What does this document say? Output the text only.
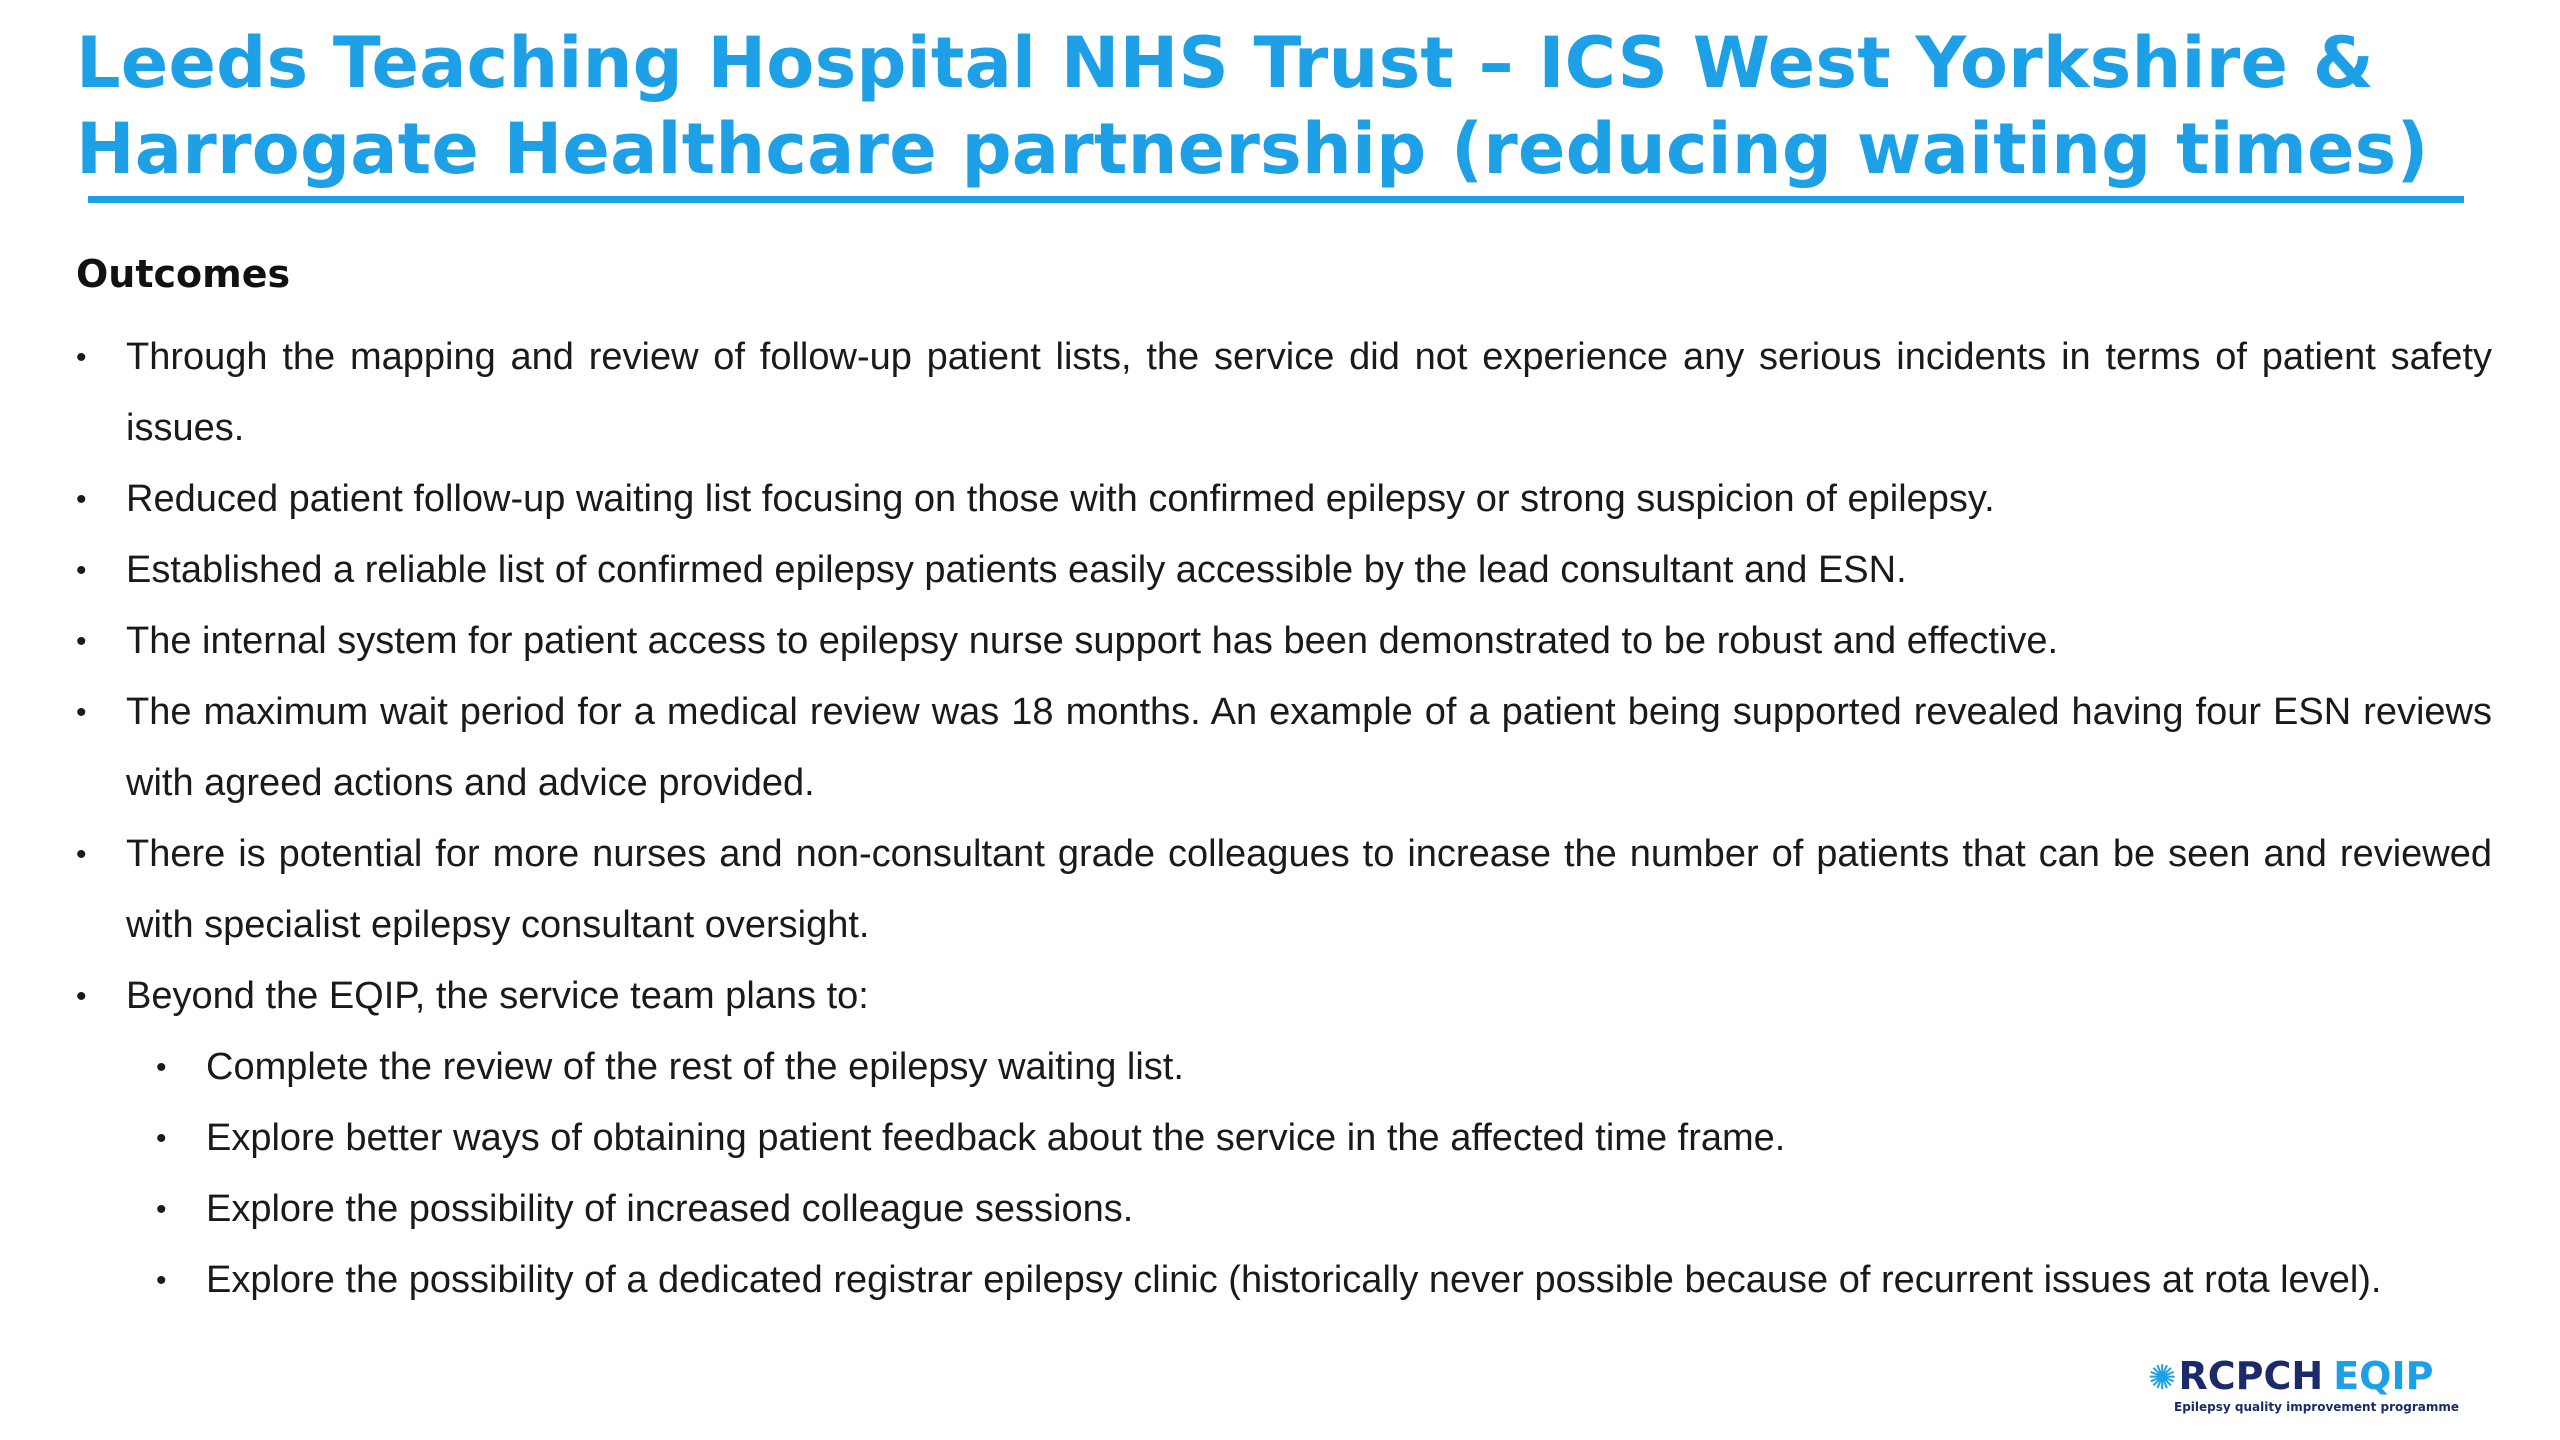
Leeds Teaching Hospital NHS Trust – ICS West Yorkshire & Harrogate Healthcare partnership (reducing waiting times)
Outcomes
• Through the mapping and review of follow-up patient lists, the service did not experience any serious incidents in terms of patient safety issues.
• Reduced patient follow-up waiting list focusing on those with confirmed epilepsy or strong suspicion of epilepsy.
• Established a reliable list of confirmed epilepsy patients easily accessible by the lead consultant and ESN.
• The internal system for patient access to epilepsy nurse support has been demonstrated to be robust and effective.
• The maximum wait period for a medical review was 18 months. An example of a patient being supported revealed having four ESN reviews with agreed actions and advice provided.
• There is potential for more nurses and non-consultant grade colleagues to increase the number of patients that can be seen and reviewed with specialist epilepsy consultant oversight.
• Beyond the EQIP, the service team plans to:
• Complete the review of the rest of the epilepsy waiting list.
• Explore better ways of obtaining patient feedback about the service in the affected time frame.
• Explore the possibility of increased colleague sessions.
• Explore the possibility of a dedicated registrar epilepsy clinic (historically never possible because of recurrent issues at rota level).
✺RCPCH EQIP
Epilepsy quality improvement programme
